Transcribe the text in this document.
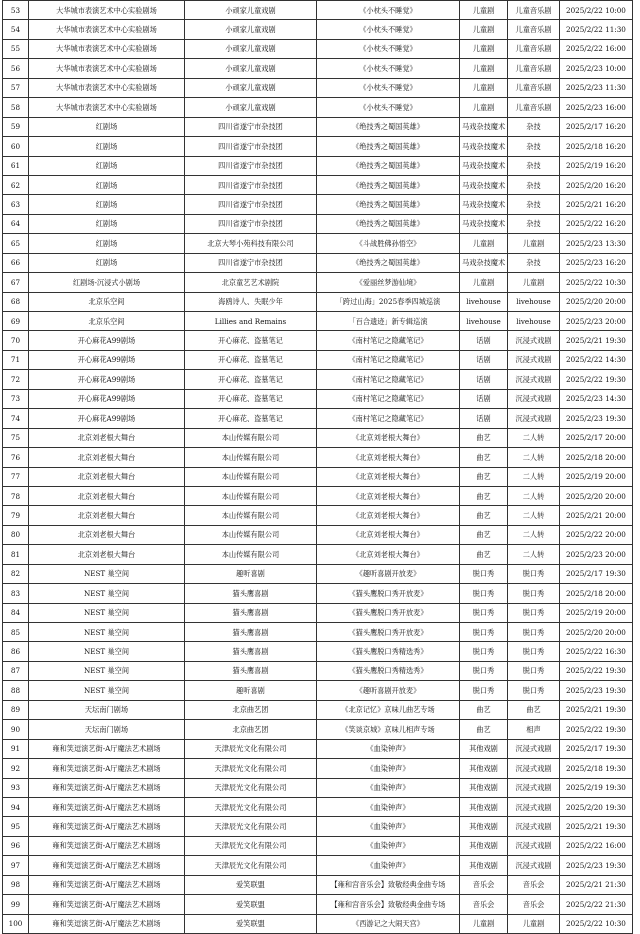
53	大华城市表演艺术中心实验剧场	小顽家儿童戏剧	《小枕头不睡觉》	儿童剧	儿童音乐剧	2025/2/22 10:00
54	大华城市表演艺术中心实验剧场	小顽家儿童戏剧	《小枕头不睡觉》	儿童剧	儿童音乐剧	2025/2/22 11:30
55	大华城市表演艺术中心实验剧场	小顽家儿童戏剧	《小枕头不睡觉》	儿童剧	儿童音乐剧	2025/2/22 16:00
56	大华城市表演艺术中心实验剧场	小顽家儿童戏剧	《小枕头不睡觉》	儿童剧	儿童音乐剧	2025/2/23 10:00
57	大华城市表演艺术中心实验剧场	小顽家儿童戏剧	《小枕头不睡觉》	儿童剧	儿童音乐剧	2025/2/23 11:30
58	大华城市表演艺术中心实验剧场	小顽家儿童戏剧	《小枕头不睡觉》	儿童剧	儿童音乐剧	2025/2/23 16:00
59	红剧场	四川省遂宁市杂技团	《绝技秀之蜀国英雄》	马戏杂技魔术	杂技	2025/2/17 16:20
60	红剧场	四川省遂宁市杂技团	《绝技秀之蜀国英雄》	马戏杂技魔术	杂技	2025/2/18 16:20
61	红剧场	四川省遂宁市杂技团	《绝技秀之蜀国英雄》	马戏杂技魔术	杂技	2025/2/19 16:20
62	红剧场	四川省遂宁市杂技团	《绝技秀之蜀国英雄》	马戏杂技魔术	杂技	2025/2/20 16:20
63	红剧场	四川省遂宁市杂技团	《绝技秀之蜀国英雄》	马戏杂技魔术	杂技	2025/2/21 16:20
64	红剧场	四川省遂宁市杂技团	《绝技秀之蜀国英雄》	马戏杂技魔术	杂技	2025/2/22 16:20
65	红剧场	北京大琴小苑科技有限公司	《斗战胜佛孙悟空》	儿童剧	儿童剧	2025/2/23 13:30
66	红剧场	四川省遂宁市杂技团	《绝技秀之蜀国英雄》	马戏杂技魔术	杂技	2025/2/23 16:20
67	红剧场-沉浸式小剧场	北京童艺艺术剧院	《爱丽丝梦游仙境》	儿童剧	儿童剧	2025/2/22 10:30
68	北京乐空间	海鸥诗人、失眠少年	「跨过山海」2025春季四城巡演	livehouse	livehouse	2025/2/20 20:00
69	北京乐空间	Lillies and Remains	「百合遗迹」新专辑巡演	livehouse	livehouse	2025/2/23 20:00
70	开心麻花A99剧场	开心麻花、盗墓笔记	《南村笔记之隐藏笔记》	话剧	沉浸式戏剧	2025/2/21 19:30
71	开心麻花A99剧场	开心麻花、盗墓笔记	《南村笔记之隐藏笔记》	话剧	沉浸式戏剧	2025/2/22 14:30
72	开心麻花A99剧场	开心麻花、盗墓笔记	《南村笔记之隐藏笔记》	话剧	沉浸式戏剧	2025/2/22 19:30
73	开心麻花A99剧场	开心麻花、盗墓笔记	《南村笔记之隐藏笔记》	话剧	沉浸式戏剧	2025/2/23 14:30
74	开心麻花A99剧场	开心麻花、盗墓笔记	《南村笔记之隐藏笔记》	话剧	沉浸式戏剧	2025/2/23 19:30
75	北京刘老根大舞台	本山传媒有限公司	《北京刘老根大舞台》	曲艺	二人转	2025/2/17 20:00
76	北京刘老根大舞台	本山传媒有限公司	《北京刘老根大舞台》	曲艺	二人转	2025/2/18 20:00
77	北京刘老根大舞台	本山传媒有限公司	《北京刘老根大舞台》	曲艺	二人转	2025/2/19 20:00
78	北京刘老根大舞台	本山传媒有限公司	《北京刘老根大舞台》	曲艺	二人转	2025/2/20 20:00
79	北京刘老根大舞台	本山传媒有限公司	《北京刘老根大舞台》	曲艺	二人转	2025/2/21 20:00
80	北京刘老根大舞台	本山传媒有限公司	《北京刘老根大舞台》	曲艺	二人转	2025/2/22 20:00
81	北京刘老根大舞台	本山传媒有限公司	《北京刘老根大舞台》	曲艺	二人转	2025/2/23 20:00
82	NEST 巢空间	趣听喜剧	《趣听喜剧开放麦》	脱口秀	脱口秀	2025/2/17 19:30
83	NEST 巢空间	猫头鹰喜剧	《猫头鹰脱口秀开放麦》	脱口秀	脱口秀	2025/2/18 20:00
84	NEST 巢空间	猫头鹰喜剧	《猫头鹰脱口秀开放麦》	脱口秀	脱口秀	2025/2/19 20:00
85	NEST 巢空间	猫头鹰喜剧	《猫头鹰脱口秀开放麦》	脱口秀	脱口秀	2025/2/20 20:00
86	NEST 巢空间	猫头鹰喜剧	《猫头鹰脱口秀精选秀》	脱口秀	脱口秀	2025/2/22 16:30
87	NEST 巢空间	猫头鹰喜剧	《猫头鹰脱口秀精选秀》	脱口秀	脱口秀	2025/2/22 19:30
88	NEST 巢空间	趣听喜剧	《趣听喜剧开放麦》	脱口秀	脱口秀	2025/2/23 19:30
89	天坛南门剧场	北京曲艺团	《北京记忆》京味儿曲艺专场	曲艺	曲艺	2025/2/21 19:30
90	天坛南门剧场	北京曲艺团	《笑谈京城》京味儿相声专场	曲艺	相声	2025/2/22 19:30
91	雍和笑逗演艺街-A厅魔法艺术剧场	天津辰光文化有限公司	《血染钟声》	其他戏剧	沉浸式戏剧	2025/2/17 19:30
92	雍和笑逗演艺街-A厅魔法艺术剧场	天津辰光文化有限公司	《血染钟声》	其他戏剧	沉浸式戏剧	2025/2/18 19:30
93	雍和笑逗演艺街-A厅魔法艺术剧场	天津辰光文化有限公司	《血染钟声》	其他戏剧	沉浸式戏剧	2025/2/19 19:30
94	雍和笑逗演艺街-A厅魔法艺术剧场	天津辰光文化有限公司	《血染钟声》	其他戏剧	沉浸式戏剧	2025/2/20 19:30
95	雍和笑逗演艺街-A厅魔法艺术剧场	天津辰光文化有限公司	《血染钟声》	其他戏剧	沉浸式戏剧	2025/2/21 19:30
96	雍和笑逗演艺街-A厅魔法艺术剧场	天津辰光文化有限公司	《血染钟声》	其他戏剧	沉浸式戏剧	2025/2/22 16:00
97	雍和笑逗演艺街-A厅魔法艺术剧场	天津辰光文化有限公司	《血染钟声》	其他戏剧	沉浸式戏剧	2025/2/23 19:30
98	雍和笑逗演艺街-A厅魔法艺术剧场	爱笑联盟	【雍和宫音乐会】致敬经典金曲专场	音乐会	音乐会	2025/2/21 21:30
99	雍和笑逗演艺街-A厅魔法艺术剧场	爱笑联盟	【雍和宫音乐会】致敬经典金曲专场	音乐会	音乐会	2025/2/22 21:30
100	雍和笑逗演艺街-A厅魔法艺术剧场	爱笑联盟	《西游记之大闹天宫》	儿童剧	儿童剧	2025/2/22 10:30
